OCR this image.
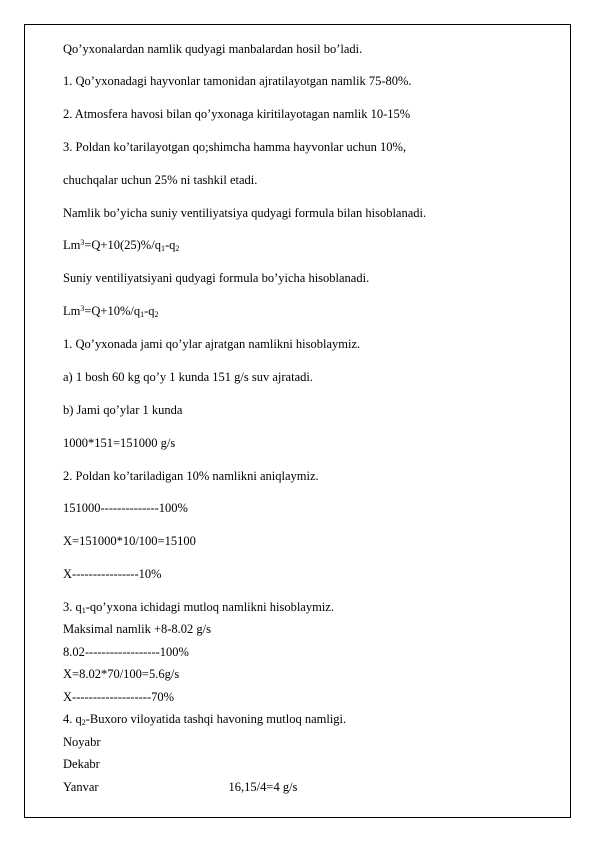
Qo’yxonalardan namlik qudyagi manbalardan hosil bo’ladi.
1. Qo’yxonadagi hayvonlar tamonidan ajratilayotgan namlik 75-80%.
2. Atmosfera havosi bilan qo’yxonaga kiritilayotagan namlik 10-15%
3. Poldan ko’tarilayotgan qo;shimcha hamma hayvonlar uchun 10%,
chuchqalar uchun 25% ni tashkil etadi.
Namlik bo’yicha suniy ventiliyatsiya qudyagi formula bilan hisoblanadi.
$Lm^3=Q+10(25)\%/q_1-q_2$
Suniy ventiliyatsiyani qudyagi formula bo’yicha hisoblanadi.
$Lm^3=Q+10\%/q_1-q_2$
1. Qo’yxonada jami qo’ylar ajratgan namlikni hisoblaymiz.
a) 1 bosh 60 kg qo’y 1 kunda 151 g/s suv ajratadi.
b) Jami qo’ylar 1 kunda
1000*151=151000 g/s
2. Poldan ko’tariladigan 10% namlikni aniqlaymiz.
151000--------------100%
X=151000*10/100=15100
X----------------10%
3. $q_1-qo’yxona$ ichidagi mutloq namlikni hisoblaymiz.
Maksimal namlik +8-8.02 g/s
8.02------------------100%
X=8.02*70/100=5.6g/s
X-------------------70%
4. $q_2$-Buxoro viloyatida tashqi havoning mutloq namligi.
Noyabr
Dekabr
Yanvar	16,15/4=4 g/s
